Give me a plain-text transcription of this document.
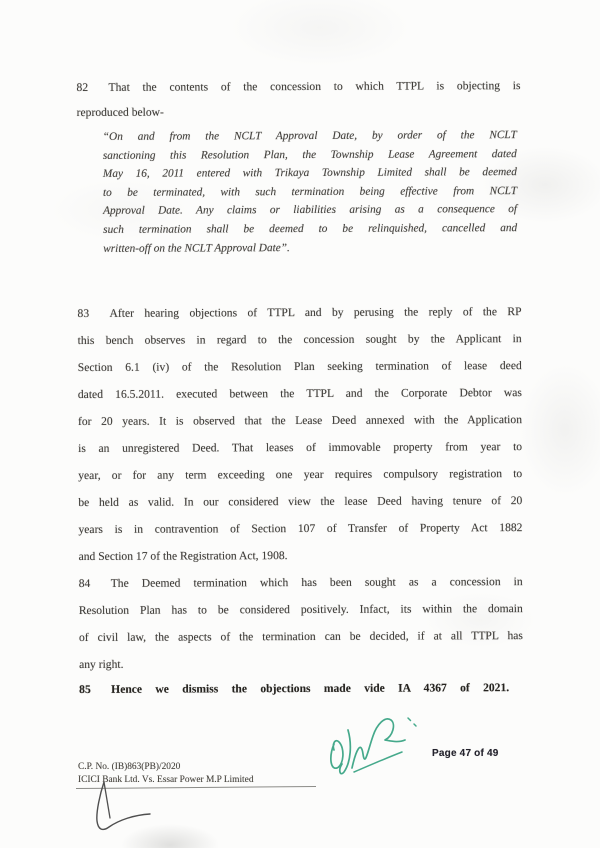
82 That the contents of the concession to which TTPL is objecting is
reproduced below-
“On and from the NCLT Approval Date, by order of the NCLT
sanctioning this Resolution Plan, the Township Lease Agreement dated
May 16, 2011 entered with Trikaya Township Limited shall be deemed
to be terminated, with such termination being effective from NCLT
Approval Date. Any claims or liabilities arising as a consequence of
such termination shall be deemed to be relinquished, cancelled and
written-off on the NCLT Approval Date”.
83 After hearing objections of TTPL and by perusing the reply of the RP
this bench observes in regard to the concession sought by the Applicant in
Section 6.1 (iv) of the Resolution Plan seeking termination of lease deed
dated 16.5.2011. executed between the TTPL and the Corporate Debtor was
for 20 years. It is observed that the Lease Deed annexed with the Application
is an unregistered Deed. That leases of immovable property from year to
year, or for any term exceeding one year requires compulsory registration to
be held as valid. In our considered view the lease Deed having tenure of 20
years is in contravention of Section 107 of Transfer of Property Act 1882
and Section 17 of the Registration Act, 1908.
84 The Deemed termination which has been sought as a concession in
Resolution Plan has to be considered positively. Infact, its within the domain
of civil law, the aspects of the termination can be decided, if at all TTPL has
any right.
85 Hence we dismiss the objections made vide IA 4367 of 2021.
Page 47 of 49
C.P. No. (IB)863(PB)/2020
ICICI Bank Ltd. Vs. Essar Power M.P Limited
